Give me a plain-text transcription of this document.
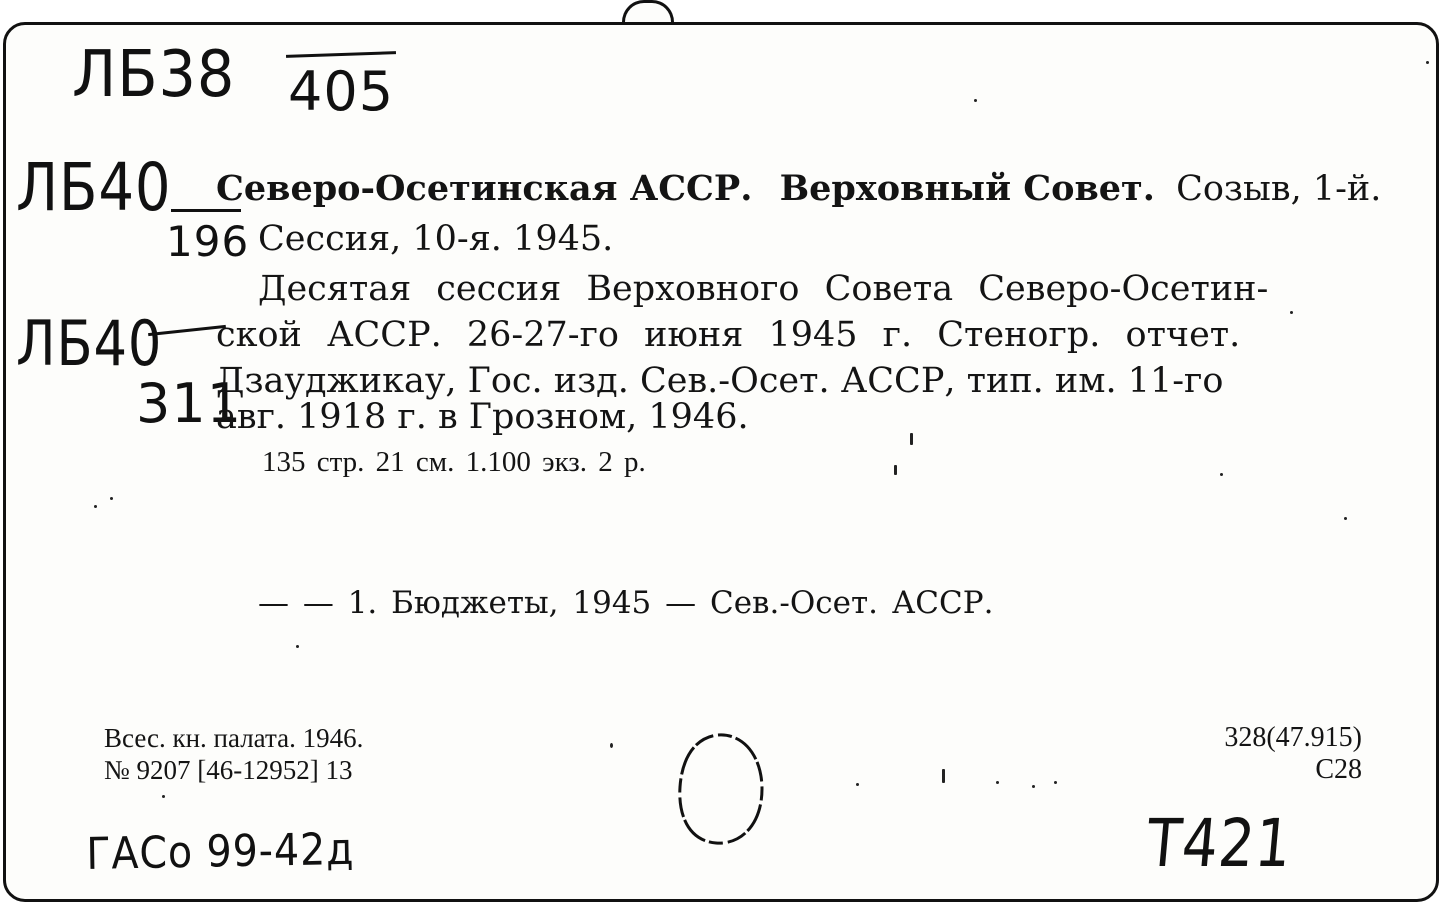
ЛБ38 405
ЛБ40
196
ЛБ40
311
Северо-Осетинская АССР. Верховный Совет. Созыв, 1-й.
Сессия, 10-я. 1945.
Десятая сессия Верховного Совета Северо-Осетин-
ской АССР. 26-27-го июня 1945 г. Стеногр. отчет.
Дзауджикау, Гос. изд. Сев.-Осет. АССР, тип. им. 11-го
авг. 1918 г. в Грозном, 1946.
135 стр. 21 см. 1.100 экз. 2 р.
— — 1. Бюджеты, 1945 — Сев.-Осет. АССР.
Всес. кн. палата. 1946.
№ 9207 [46-12952] 13
328(47.915)
С28
ГАСо 99-42д	Т421
